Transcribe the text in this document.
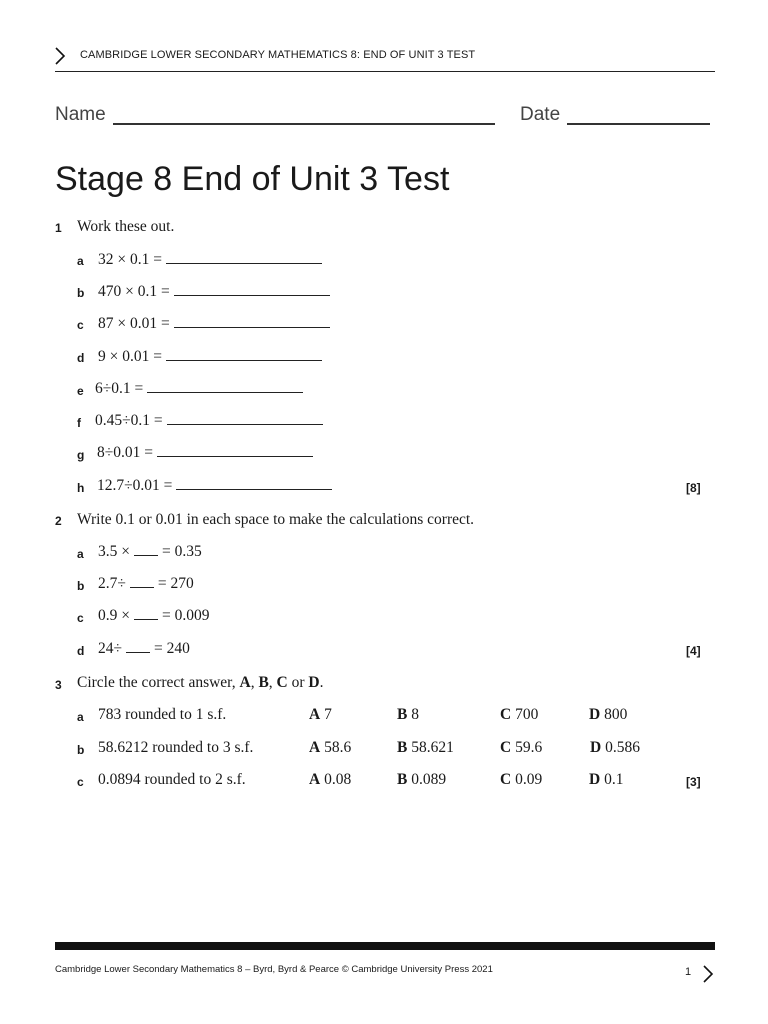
CAMBRIDGE LOWER SECONDARY MATHEMATICS 8: END OF UNIT 3 TEST
Name	Date
Stage 8 End of Unit 3 Test
1 Work these out.
a 32 × 0.1 =
b 470 × 0.1 =
c 87 × 0.01 =
d 9 × 0.01 =
e 6÷0.1 =
f 0.45÷0.1 =
g 8÷0.01 =
h 12.7÷0.01 =	[8]
2 Write 0.1 or 0.01 in each space to make the calculations correct.
a 3.5 × = 0.35
b 2.7÷ = 270
c 0.9 × = 0.009
d 24÷ = 240	[4]
3 Circle the correct answer, A, B, C or D.
a 783 rounded to 1 s.f.	A 7	B 8	C 700	D 800
b 58.6212 rounded to 3 s.f.	A 58.6	B 58.621	C 59.6	D 0.586
c 0.0894 rounded to 2 s.f.	A 0.08	B 0.089	C 0.09	D 0.1	[3]
Cambridge Lower Secondary Mathematics 8 – Byrd, Byrd & Pearce © Cambridge University Press 2021	1
